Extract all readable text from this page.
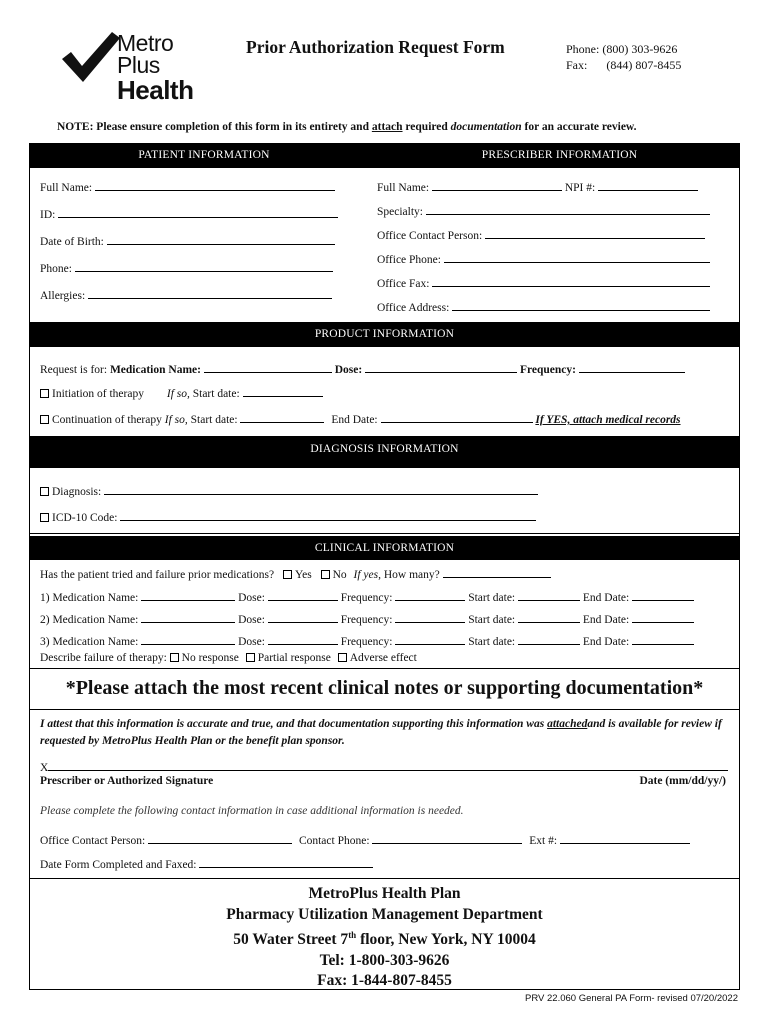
Metro
Plus
Health
Prior Authorization Request Form	Phone: (800) 303-9626
Fax: (844) 807-8455
NOTE: Please ensure completion of this form in its entirety and attach required documentation for an accurate review.
PATIENT INFORMATION	PRESCRIBER INFORMATION
Full Name:
ID:
Date of Birth:
Phone:
Allergies:
Full Name:	NPI #:
Specialty:
Office Contact Person:
Office Phone:
Office Fax:
Office Address:
PRODUCT INFORMATION
Request is for: Medication Name:	Dose:	Frequency:
Initiation of therapy If so, Start date:
Continuation of therapy If so, Start date:	End Date:	If YES, attach medical records
DIAGNOSIS INFORMATION
Diagnosis:
ICD-10 Code:
CLINICAL INFORMATION
Has the patient tried and failure prior medications? Yes No If yes, How many?
1) Medication Name:	Dose:	Frequency:	Start date:	End Date:
2) Medication Name:	Dose:	Frequency:	Start date:	End Date:
3) Medication Name:	Dose:	Frequency:	Start date:	End Date:
Describe failure of therapy: No response Partial response Adverse effect
*Please attach the most recent clinical notes or supporting documentation*
I attest that this information is accurate and true, and that documentation supporting this information was attachedand is available for review if requested by MetroPlus Health Plan or the benefit plan sponsor.
X
Prescriber or Authorized Signature	Date (mm/dd/yy/)
Please complete the following contact information in case additional information is needed.
Office Contact Person:	Contact Phone:	Ext #:
Date Form Completed and Faxed:
MetroPlus Health Plan
Pharmacy Utilization Management Department
50 Water Street 7th floor, New York, NY 10004
Tel: 1-800-303-9626
Fax: 1-844-807-8455
PRV 22.060 General PA Form- revised 07/20/2022
